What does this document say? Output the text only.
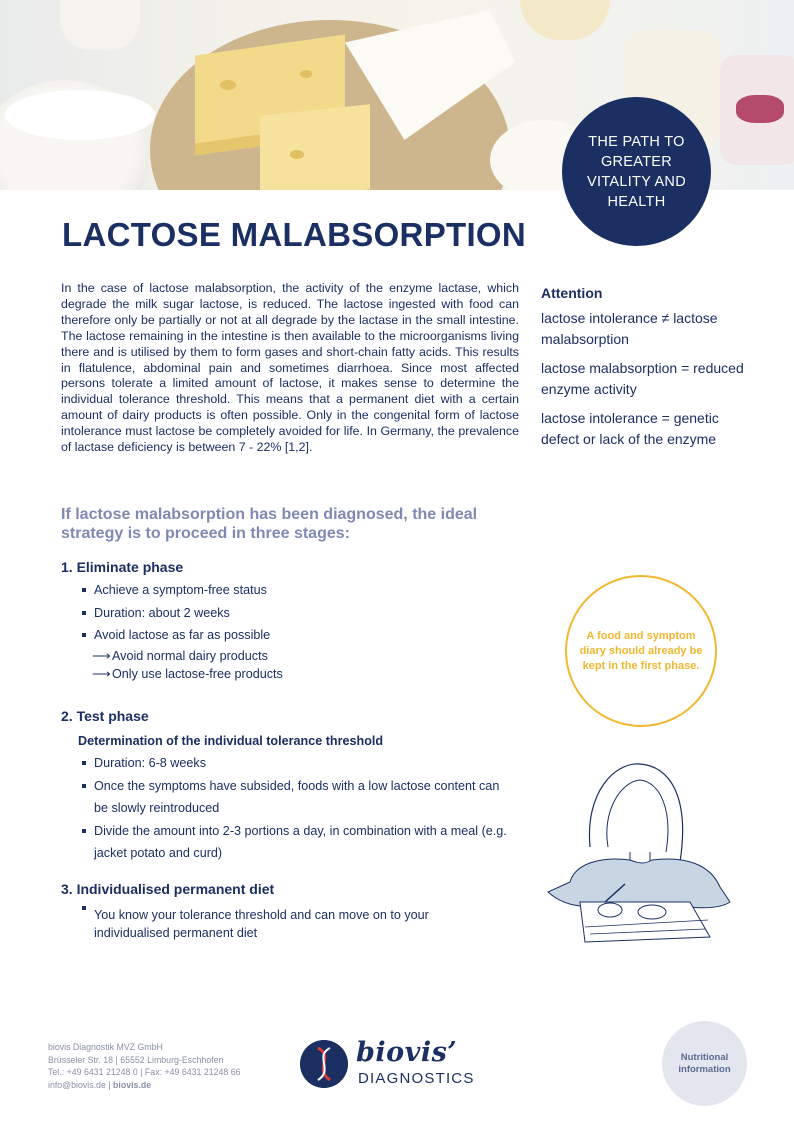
THE PATH TO GREATER VITALITY AND HEALTH
LACTOSE MALABSORPTION

In the case of lactose malabsorption, the activity of the enzyme lactase, which degrade the milk sugar lactose, is reduced. The lactose ingested with food can therefore only be partially or not at all degrade by the lactase in the small intestine. The lactose remaining in the intestine is then available to the microorganisms living there and is utilised by them to form gases and short-chain fatty acids. This results in flatulence, abdominal pain and sometimes diarrhoea. Since most affected persons tolerate a limited amount of lactose, it makes sense to determine the individual tolerance threshold. This means that a permanent diet with a certain amount of dairy products is often possible. Only in the congenital form of lactose intolerance must lactose be completely avoided for life. In Germany, the prevalence of lactase deficiency is between 7 - 22% [1,2].

Attention

lactose intolerance ≠ lactose malabsorption

lactose malabsorption = reduced enzyme activity

lactose intolerance = genetic defect or lack of the enzyme

If lactose malabsorption has been diagnosed, the ideal strategy is to proceed in three stages:

1. Eliminate phase

Achieve a symptom-free status
Duration: about 2 weeks
Avoid lactose as far as possible
⟶Avoid normal dairy products
⟶Only use lactose-free products

2. Test phase

Determination of the individual tolerance threshold

Duration: 6-8 weeks
Once the symptoms have subsided, foods with a low lactose content can be slowly reintroduced
Divide the amount into 2-3 portions a day, in combination with a meal (e.g. jacket potato and curd)

3. Individualised permanent diet

You know your tolerance threshold and can move on to your individualised permanent diet
A food and symptom diary should already be kept in the first phase.
biovis Diagnostik MVZ GmbH
Brüsseler Str. 18 | 65552 Limburg-Eschhofen
Tel.: +49 6431 21248 0 | Fax: +49 6431 21248 66
info@biovis.de | biovis.de
biovis’
DIAGNOSTICS
Nutritional information
